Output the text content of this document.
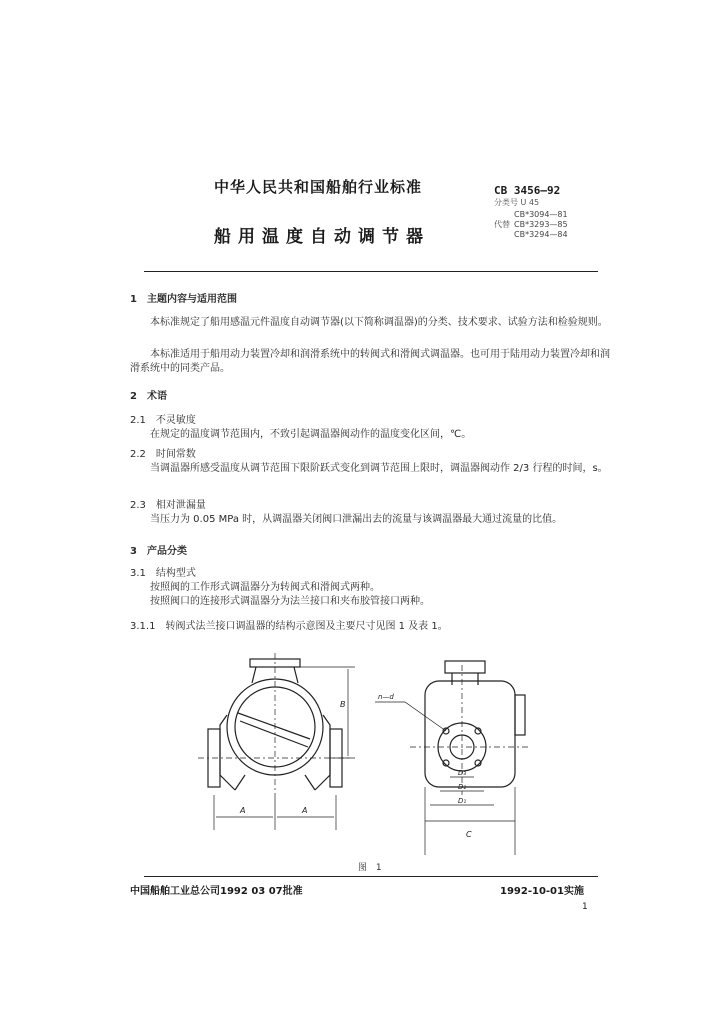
中华人民共和国船舶行业标准
船用温度自动调节器
CB 3456—92
分类号 U 45
CB*3094—81
代替 CB*3293—85
CB*3294—84
1　主题内容与适用范围
本标准规定了船用感温元件温度自动调节器(以下简称调温器)的分类、技术要求、试验方法和检验规则。
本标准适用于船用动力装置冷却和润滑系统中的转阀式和滑阀式调温器。也可用于陆用动力装置冷却和润滑系统中的同类产品。
2　术语
2.1　不灵敏度
在规定的温度调节范围内，不致引起调温器阀动作的温度变化区间，℃。
2.2　时间常数
当调温器所感受温度从调节范围下限阶跃式变化到调节范围上限时，调温器阀动作 2/3 行程的时间，s。
2.3　相对泄漏量
当压力为 0.05 MPa 时，从调温器关闭阀口泄漏出去的流量与该调温器最大通过流量的比值。
3　产品分类
3.1　结构型式
按照阀的工作形式调温器分为转阀式和滑阀式两种。
按照阀口的连接形式调温器分为法兰接口和夹布胶管接口两种。
3.1.1　转阀式法兰接口调温器的结构示意图及主要尺寸见图 1 及表 1。
A	A
B
n—d
D₃
D₂
D₁
C
图 1
中国船舶工业总公司1992 03 07批准	1992-10-01实施
1
